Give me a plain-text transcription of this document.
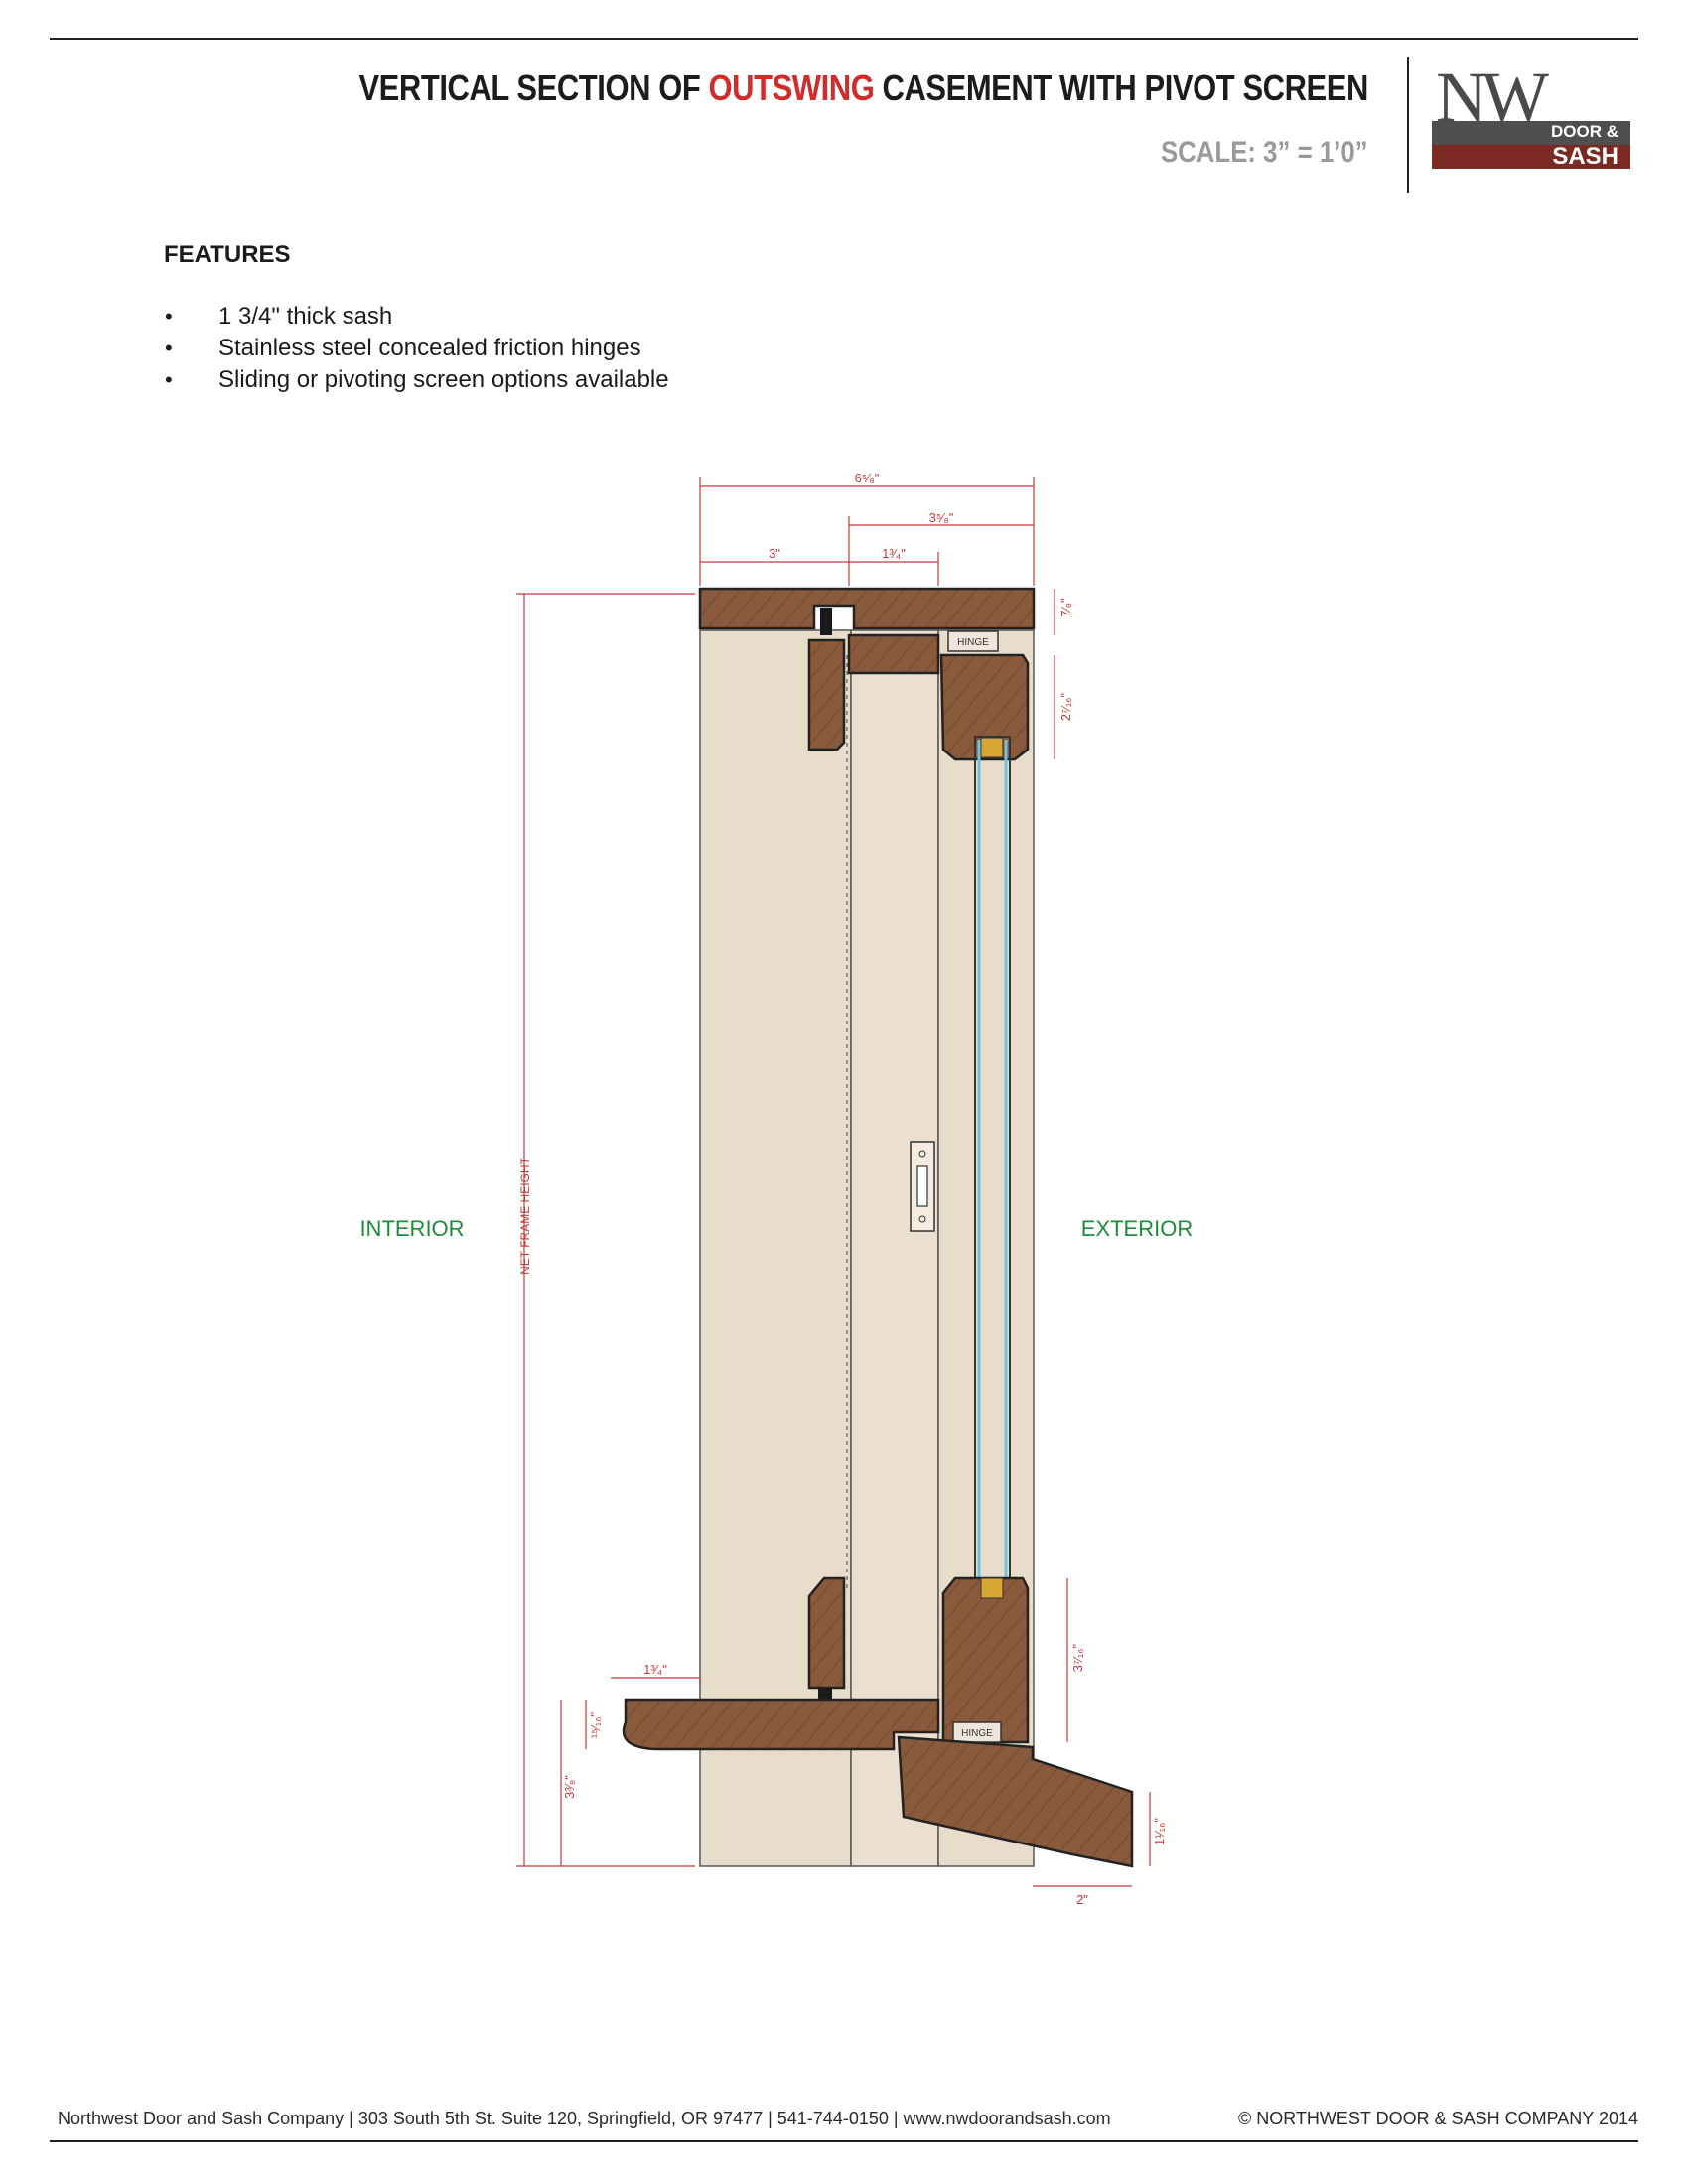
VERTICAL SECTION OF OUTSWING CASEMENT WITH PIVOT SCREEN
SCALE: 3” = 1’0”
NW DOOR &
SASH
FEATURES
• 1 3/4" thick sash
• Stainless steel concealed friction hinges
• Sliding or pivoting screen options available
HINGE
HINGE
6⁵⁄₈"
3⁵⁄₈"
3"	1³⁄₄"
7⁄₈"
2⁷⁄₁₆"
3⁷⁄₁₆"
1³⁄₄"
¹⁵⁄₁₆"
3³⁄₈"
1¹⁄₁₆"
2"
NET FRAME HEIGHT
INTERIOR	EXTERIOR
Northwest Door and Sash Company | 303 South 5th St. Suite 120, Springfield, OR 97477 | 541-744-0150 | www.nwdoorandsash.com	© NORTHWEST DOOR & SASH COMPANY 2014
